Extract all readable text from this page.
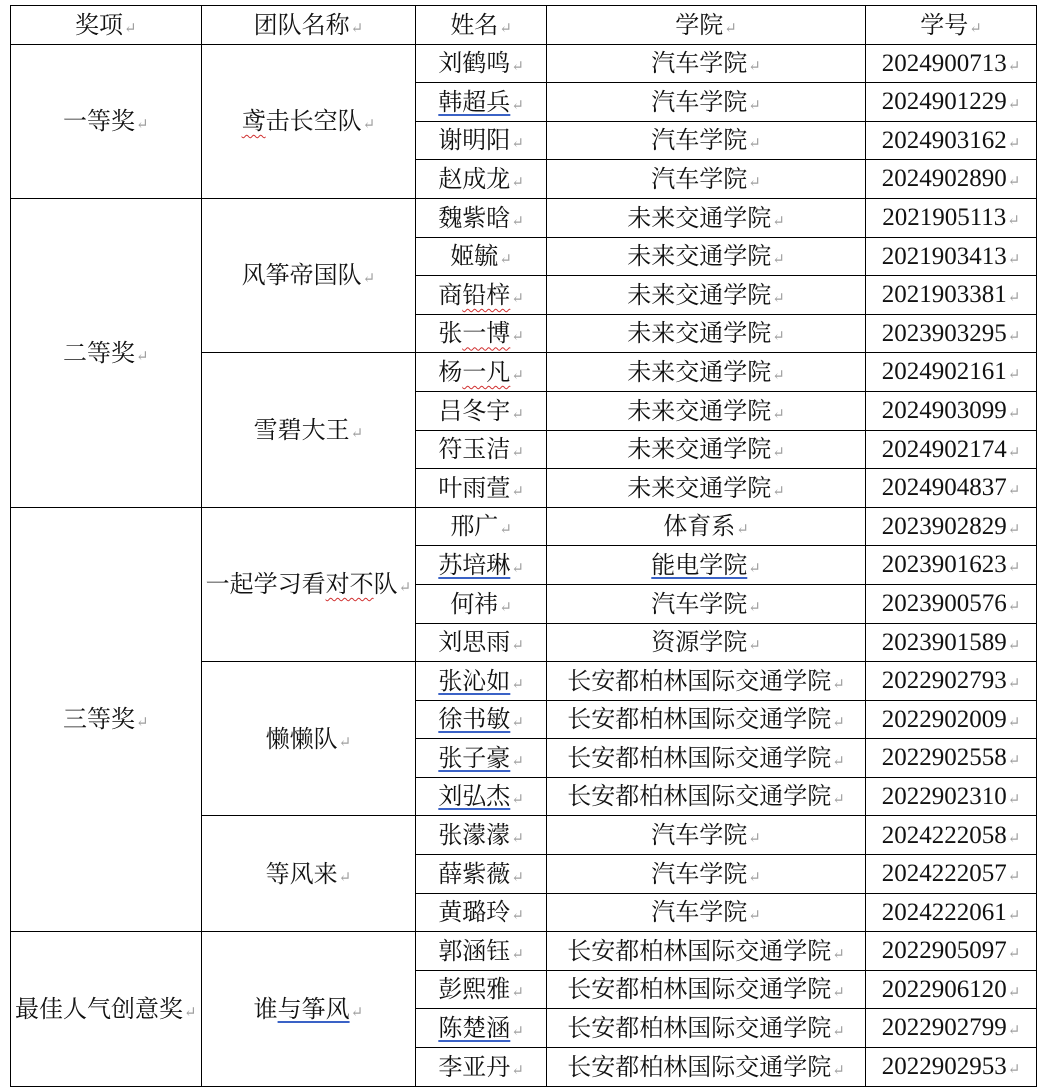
奖项↵	团队名称↵	姓名↵	学院↵	学号↵
一等奖↵	鸢击长空队↵	刘鹤鸣↵	汽车学院↵	2024900713↵
		韩超兵↵	汽车学院↵	2024901229↵
		谢明阳↵	汽车学院↵	2024903162↵
		赵成龙↵	汽车学院↵	2024902890↵
二等奖↵	风筝帝国队↵	魏紫晗↵	未来交通学院↵	2021905113↵
		姬毓↵	未来交通学院↵	2021903413↵
		商铅梓↵	未来交通学院↵	2021903381↵
		张一博↵	未来交通学院↵	2023903295↵
	雪碧大王↵	杨一凡↵	未来交通学院↵	2024902161↵
		吕冬宇↵	未来交通学院↵	2024903099↵
		符玉洁↵	未来交通学院↵	2024902174↵
		叶雨萱↵	未来交通学院↵	2024904837↵
三等奖↵	一起学习看对不队↵	邢广↵	体育系↵	2023902829↵
		苏培琳↵	能电学院↵	2023901623↵
		何祎↵	汽车学院↵	2023900576↵
		刘思雨↵	资源学院↵	2023901589↵
	懒懒队↵	张沁如↵	长安都柏林国际交通学院↵	2022902793↵
		徐书敏↵	长安都柏林国际交通学院↵	2022902009↵
		张子豪↵	长安都柏林国际交通学院↵	2022902558↵
		刘弘杰↵	长安都柏林国际交通学院↵	2022902310↵
	等风来↵	张濛濛↵	汽车学院↵	2024222058↵
		薛紫薇↵	汽车学院↵	2024222057↵
		黄璐玲↵	汽车学院↵	2024222061↵
最佳人气创意奖↵	谁与筝风↵	郭涵钰↵	长安都柏林国际交通学院↵	2022905097↵
		彭熙雅↵	长安都柏林国际交通学院↵	2022906120↵
		陈楚涵↵	长安都柏林国际交通学院↵	2022902799↵
		李亚丹↵	长安都柏林国际交通学院↵	2022902953↵
